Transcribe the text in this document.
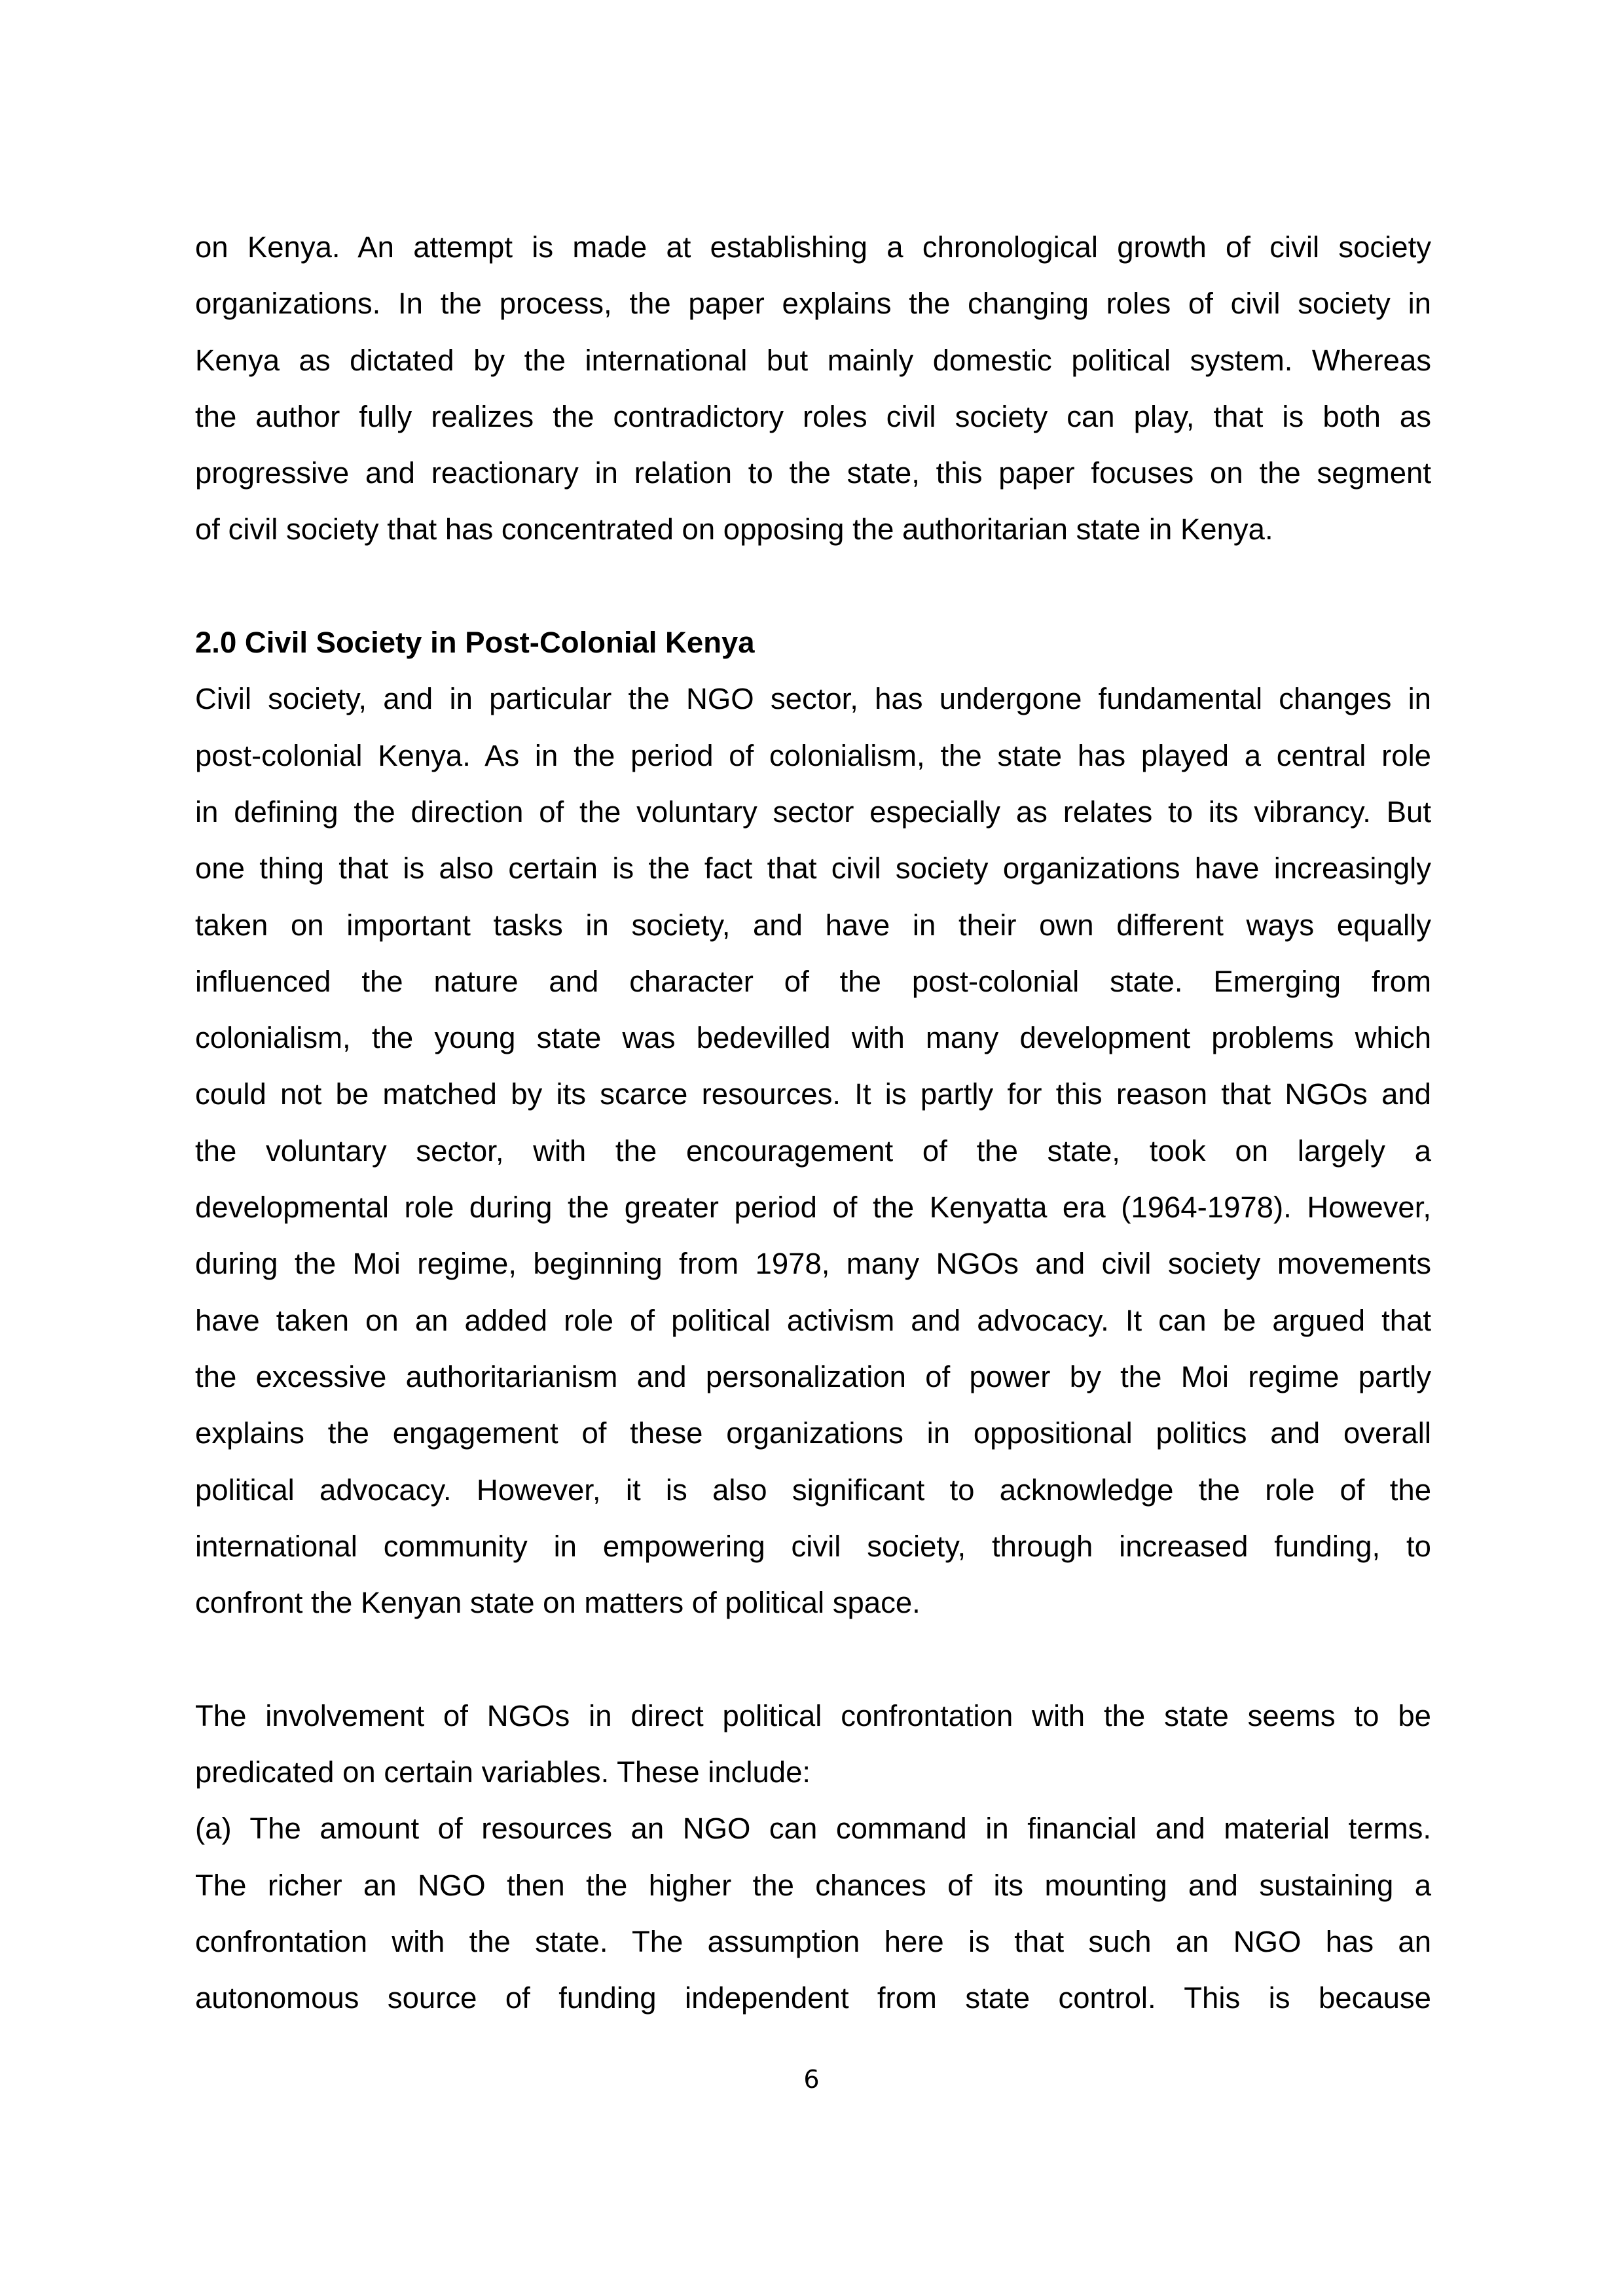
on Kenya. An attempt is made at establishing a chronological growth of civil society
organizations. In the process, the paper explains the changing roles of civil society in
Kenya as dictated by the international but mainly domestic political system. Whereas
the author fully realizes the contradictory roles civil society can play, that is both as
progressive and reactionary in relation to the state, this paper focuses on the segment
of civil society that has concentrated on opposing the authoritarian state in Kenya.
2.0 Civil Society in Post-Colonial Kenya
Civil society, and in particular the NGO sector, has undergone fundamental changes in
post-colonial Kenya. As in the period of colonialism, the state has played a central role
in defining the direction of the voluntary sector especially as relates to its vibrancy. But
one thing that is also certain is the fact that civil society organizations have increasingly
taken on important tasks in society, and have in their own different ways equally
influenced the nature and character of the post-colonial state. Emerging from
colonialism, the young state was bedevilled with many development problems which
could not be matched by its scarce resources. It is partly for this reason that NGOs and
the voluntary sector, with the encouragement of the state, took on largely a
developmental role during the greater period of the Kenyatta era (1964-1978). However,
during the Moi regime, beginning from 1978, many NGOs and civil society movements
have taken on an added role of political activism and advocacy. It can be argued that
the excessive authoritarianism and personalization of power by the Moi regime partly
explains the engagement of these organizations in oppositional politics and overall
political advocacy. However, it is also significant to acknowledge the role of the
international community in empowering civil society, through increased funding, to
confront the Kenyan state on matters of political space.
The involvement of NGOs in direct political confrontation with the state seems to be
predicated on certain variables. These include:
(a) The amount of resources an NGO can command in financial and material terms.
The richer an NGO then the higher the chances of its mounting and sustaining a
confrontation with the state. The assumption here is that such an NGO has an
autonomous source of funding independent from state control. This is because
6
